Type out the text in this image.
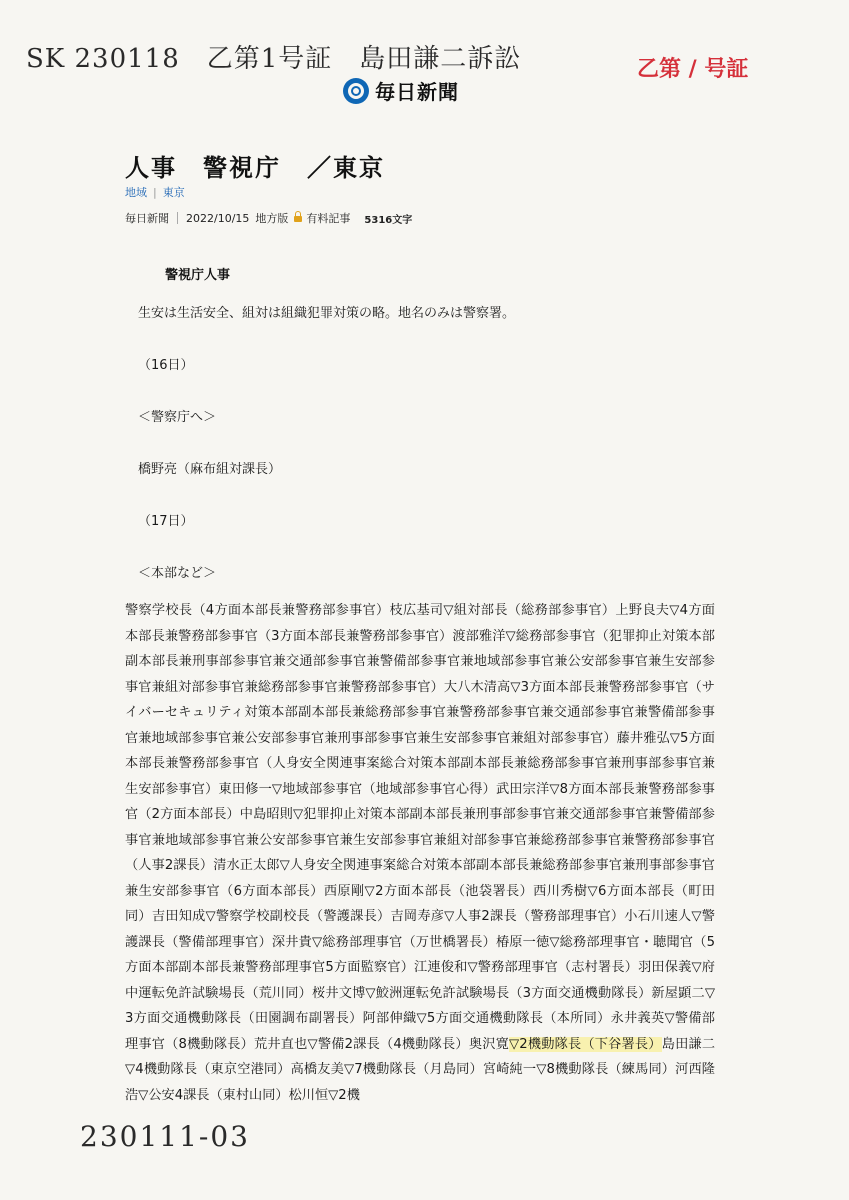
SK 230118　乙第1号証　島田謙二訴訟	乙第 / 号証
毎日新聞
人事　警視庁　／東京
地域 | 東京
毎日新聞 2022/10/15 地方版 有料記事 5316文字
警視庁人事
生安は生活安全、組対は組織犯罪対策の略。地名のみは警察署。
（16日）
＜警察庁へ＞
橋野亮（麻布組対課長）
（17日）
＜本部など＞
警察学校長（4方面本部長兼警務部参事官）枝広基司▽組対部長（総務部参事官）上野良夫▽4方面本部長兼警務部参事官（3方面本部長兼警務部参事官）渡部雅洋▽総務部参事官（犯罪抑止対策本部副本部長兼刑事部参事官兼交通部参事官兼警備部参事官兼地域部参事官兼公安部参事官兼生安部参事官兼組対部参事官兼総務部参事官兼警務部参事官）大八木清高▽3方面本部長兼警務部参事官（サイバーセキュリティ対策本部副本部長兼総務部参事官兼警務部参事官兼交通部参事官兼警備部参事官兼地域部参事官兼公安部参事官兼刑事部参事官兼生安部参事官兼組対部参事官）藤井雅弘▽5方面本部長兼警務部参事官（人身安全関連事案総合対策本部副本部長兼総務部参事官兼刑事部参事官兼生安部参事官）東田修一▽地域部参事官（地域部参事官心得）武田宗洋▽8方面本部長兼警務部参事官（2方面本部長）中島昭則▽犯罪抑止対策本部副本部長兼刑事部参事官兼交通部参事官兼警備部参事官兼地域部参事官兼公安部参事官兼生安部参事官兼組対部参事官兼総務部参事官兼警務部参事官（人事2課長）清水正太郎▽人身安全関連事案総合対策本部副本部長兼総務部参事官兼刑事部参事官兼生安部参事官（6方面本部長）西原剛▽2方面本部長（池袋署長）西川秀樹▽6方面本部長（町田同）吉田知成▽警察学校副校長（警護課長）吉岡寿彦▽人事2課長（警務部理事官）小石川速人▽警護課長（警備部理事官）深井貴▽総務部理事官（万世橋署長）椿原一徳▽総務部理事官・聴聞官（5方面本部副本部長兼警務部理事官5方面監察官）江連俊和▽警務部理事官（志村署長）羽田保義▽府中運転免許試験場長（荒川同）桜井文博▽鮫洲運転免許試験場長（3方面交通機動隊長）新屋顕二▽3方面交通機動隊長（田園調布副署長）阿部伸織▽5方面交通機動隊長（本所同）永井義英▽警備部理事官（8機動隊長）荒井直也▽警備2課長（4機動隊長）奥沢寛▽2機動隊長（下谷署長）島田謙二▽4機動隊長（東京空港同）高橋友美▽7機動隊長（月島同）宮崎純一▽8機動隊長（練馬同）河西隆浩▽公安4課長（東村山同）松川恒▽2機
230111-03
